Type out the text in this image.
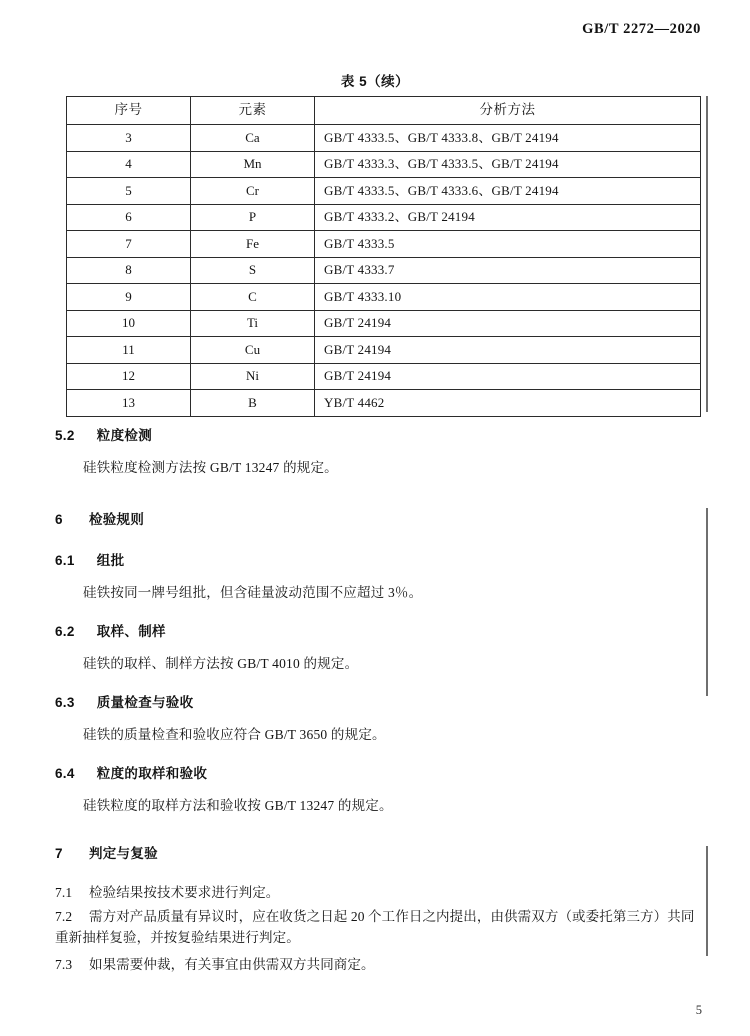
GB/T 2272—2020
表 5（续）
序号	元素	分析方法
3	Ca	GB/T 4333.5、GB/T 4333.8、GB/T 24194
4	Mn	GB/T 4333.3、GB/T 4333.5、GB/T 24194
5	Cr	GB/T 4333.5、GB/T 4333.6、GB/T 24194
6	P	GB/T 4333.2、GB/T 24194
7	Fe	GB/T 4333.5
8	S	GB/T 4333.7
9	C	GB/T 4333.10
10	Ti	GB/T 24194
11	Cu	GB/T 24194
12	Ni	GB/T 24194
13	B	YB/T 4462
5.2 粒度检测
硅铁粒度检测方法按 GB/T 13247 的规定。
6 检验规则
6.1 组批
硅铁按同一牌号组批，但含硅量波动范围不应超过 3％。
6.2 取样、制样
硅铁的取样、制样方法按 GB/T 4010 的规定。
6.3 质量检查与验收
硅铁的质量检查和验收应符合 GB/T 3650 的规定。
6.4 粒度的取样和验收
硅铁粒度的取样方法和验收按 GB/T 13247 的规定。
7 判定与复验
7.1 检验结果按技术要求进行判定。
7.2 需方对产品质量有异议时，应在收货之日起 20 个工作日之内提出，由供需双方（或委托第三方）共同重新抽样复验，并按复验结果进行判定。
7.3 如果需要仲裁，有关事宜由供需双方共同商定。
5
